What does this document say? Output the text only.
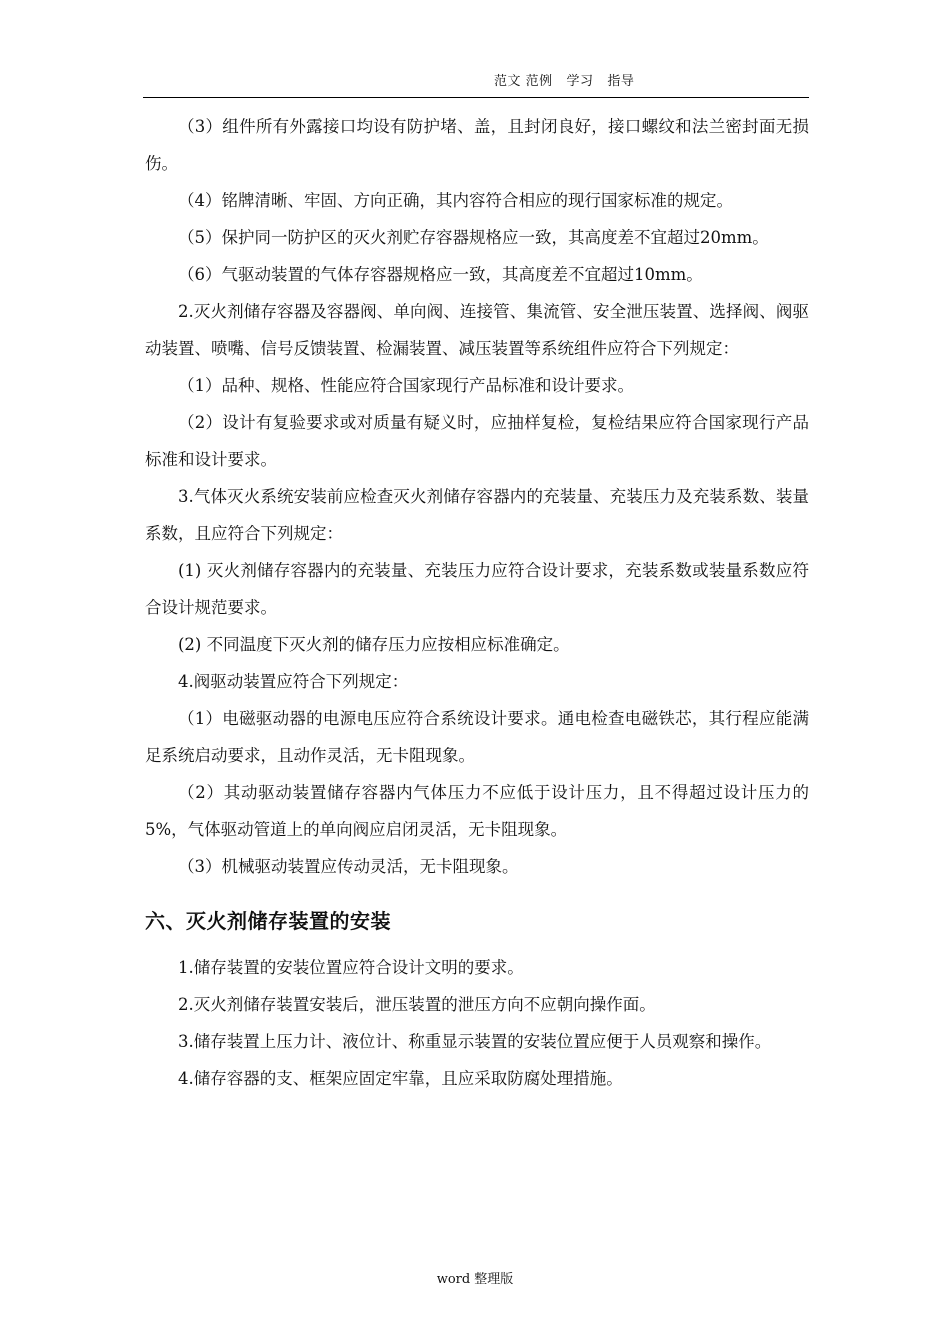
范文 范例   学习   指导

（3）组件所有外露接口均设有防护堵、盖，且封闭良好，接口螺纹和法兰密封面无损伤。

（4）铭牌清晰、牢固、方向正确，其内容符合相应的现行国家标准的规定。

（5）保护同一防护区的灭火剂贮存容器规格应一致，其高度差不宜超过20mm。

（6）气驱动装置的气体存容器规格应一致，其高度差不宜超过10mm。

2.灭火剂储存容器及容器阀、单向阀、连接管、集流管、安全泄压装置、选择阀、阀驱动装置、喷嘴、信号反馈装置、检漏装置、减压装置等系统组件应符合下列规定：

（1）品种、规格、性能应符合国家现行产品标准和设计要求。

（2）设计有复验要求或对质量有疑义时，应抽样复检，复检结果应符合国家现行产品标准和设计要求。

3.气体灭火系统安装前应检查灭火剂储存容器内的充装量、充装压力及充装系数、装量系数，且应符合下列规定：

(1) 灭火剂储存容器内的充装量、充装压力应符合设计要求，充装系数或装量系数应符合设计规范要求。

(2) 不同温度下灭火剂的储存压力应按相应标准确定。

4.阀驱动装置应符合下列规定：

（1）电磁驱动器的电源电压应符合系统设计要求。通电检查电磁铁芯，其行程应能满足系统启动要求，且动作灵活，无卡阻现象。

（2）其动驱动装置储存容器内气体压力不应低于设计压力，且不得超过设计压力的5%，气体驱动管道上的单向阀应启闭灵活，无卡阻现象。

（3）机械驱动装置应传动灵活，无卡阻现象。

六、灭火剂储存装置的安装

1.储存装置的安装位置应符合设计文明的要求。

2.灭火剂储存装置安装后，泄压装置的泄压方向不应朝向操作面。

3.储存装置上压力计、液位计、称重显示装置的安装位置应便于人员观察和操作。

4.储存容器的支、框架应固定牢靠，且应采取防腐处理措施。

word 整理版
